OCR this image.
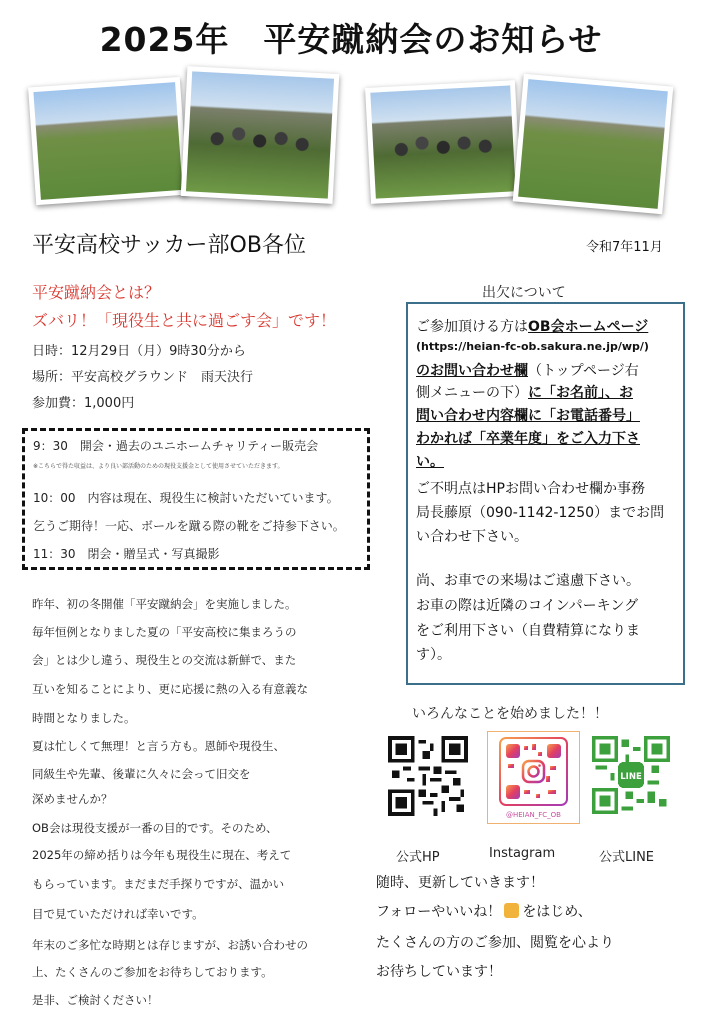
2025年　平安蹴納会のお知らせ
平安高校サッカー部OB各位	令和7年11月
平安蹴納会とは？
ズバリ！「現役生と共に過ごす会」です！
日時：12月29日（月）9時30分から
場所：平安高校グラウンド　雨天決行
参加費：1,000円
9：30　開会・過去のユニホームチャリティー販売会
※こちらで得た収益は、より良い部活動のための現役支援金として使用させていただきます。
10：00　内容は現在、現役生に検討いただいています。
乞うご期待！一応、ボールを蹴る際の靴をご持参下さい。
11：30　閉会・贈呈式・写真撮影
昨年、初の冬開催「平安蹴納会」を実施しました。
毎年恒例となりました夏の「平安高校に集まろうの
会」とは少し違う、現役生との交流は新鮮で、また
互いを知ることにより、更に応援に熱の入る有意義な
時間となりました。
夏は忙しくて無理！と言う方も。恩師や現役生、
同級生や先輩、後輩に久々に会って旧交を
深めませんか？
OB会は現役支援が一番の目的です。そのため、
2025年の締め括りは今年も現役生に現在、考えて
もらっています。まだまだ手探りですが、温かい
目で見ていただければ幸いです。
年末のご多忙な時期とは存じますが、お誘い合わせの
上、たくさんのご参加をお待ちしております。
是非、ご検討ください！
出欠について
ご参加頂ける方はOB会ホームページ
(https://heian-fc-ob.sakura.ne.jp/wp/)
のお問い合わせ欄（トップページ右
側メニューの下）に「お名前」、お
問い合わせ内容欄に「お電話番号」
わかれば「卒業年度」をご入力下さ
い。
ご不明点はHPお問い合わせ欄か事務
局長藤原（090-1142-1250）までお問
い合わせ下さい。
尚、お車での来場はご遠慮下さい。
お車の際は近隣のコインパーキング
をご利用下さい（自費精算になりま
す）。
いろんなことを始めました！！
@HEIAN_FC_OB
LINE
公式HP	Instagram	公式LINE
随時、更新していきます！
フォローやいいね！ をはじめ、
たくさんの方のご参加、閲覧を心より
お待ちしています！
